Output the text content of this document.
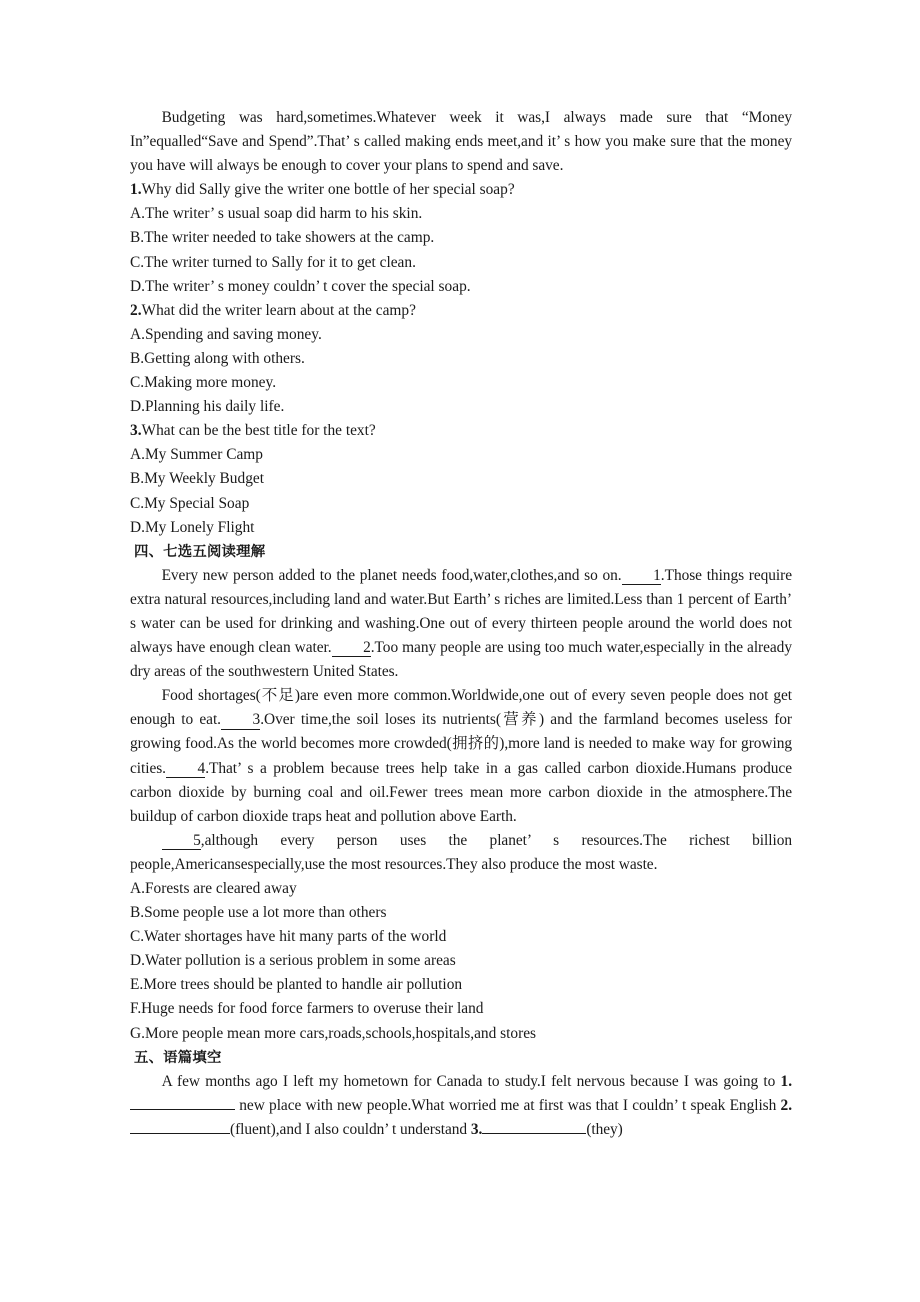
Budgeting was hard,sometimes.Whatever week it was,I always made sure that “Money In”equalled“Save and Spend”.That’ s called making ends meet,and it’ s how you make sure that the money you have will always be enough to cover your plans to spend and save.

1.Why did Sally give the writer one bottle of her special soap?

A.The writer’ s usual soap did harm to his skin.

B.The writer needed to take showers at the camp.

C.The writer turned to Sally for it to get clean.

D.The writer’ s money couldn’ t cover the special soap.

2.What did the writer learn about at the camp?

A.Spending and saving money.

B.Getting along with others.

C.Making more money.

D.Planning his daily life.

3.What can be the best title for the text?

A.My Summer Camp

B.My Weekly Budget

C.My Special Soap

D.My Lonely Flight

四、七选五阅读理解

Every new person added to the planet needs food,water,clothes,and so on. 1.Those things require extra natural resources,including land and water.But Earth’ s riches are limited.Less than 1 percent of Earth’ s water can be used for drinking and washing.One out of every thirteen people around the world does not always have enough clean water. 2.Too many people are using too much water,especially in the already dry areas of the southwestern United States.

Food shortages(不足)are even more common.Worldwide,one out of every seven people does not get enough to eat. 3.Over time,the soil loses its nutrients(营养) and the farmland becomes useless for growing food.As the world becomes more crowded(拥挤的),more land is needed to make way for growing cities. 4.That’ s a problem because trees help take in a gas called carbon dioxide.Humans produce carbon dioxide by burning coal and oil.Fewer trees mean more carbon dioxide in the atmosphere.The buildup of carbon dioxide traps heat and pollution above Earth.

5,although every person uses the planet’ s resources.The richest billion people,Americansespecially,use the most resources.They also produce the most waste.

A.Forests are cleared away

B.Some people use a lot more than others

C.Water shortages have hit many parts of the world

D.Water pollution is a serious problem in some areas

E.More trees should be planted to handle air pollution

F.Huge needs for food force farmers to overuse their land

G.More people mean more cars,roads,schools,hospitals,and stores

五、语篇填空

A few months ago I left my hometown for Canada to study.I felt nervous because I was going to 1. new place with new people.What worried me at first was that I couldn’ t speak English 2.(fluent),and I also couldn’ t understand 3.	(they)
